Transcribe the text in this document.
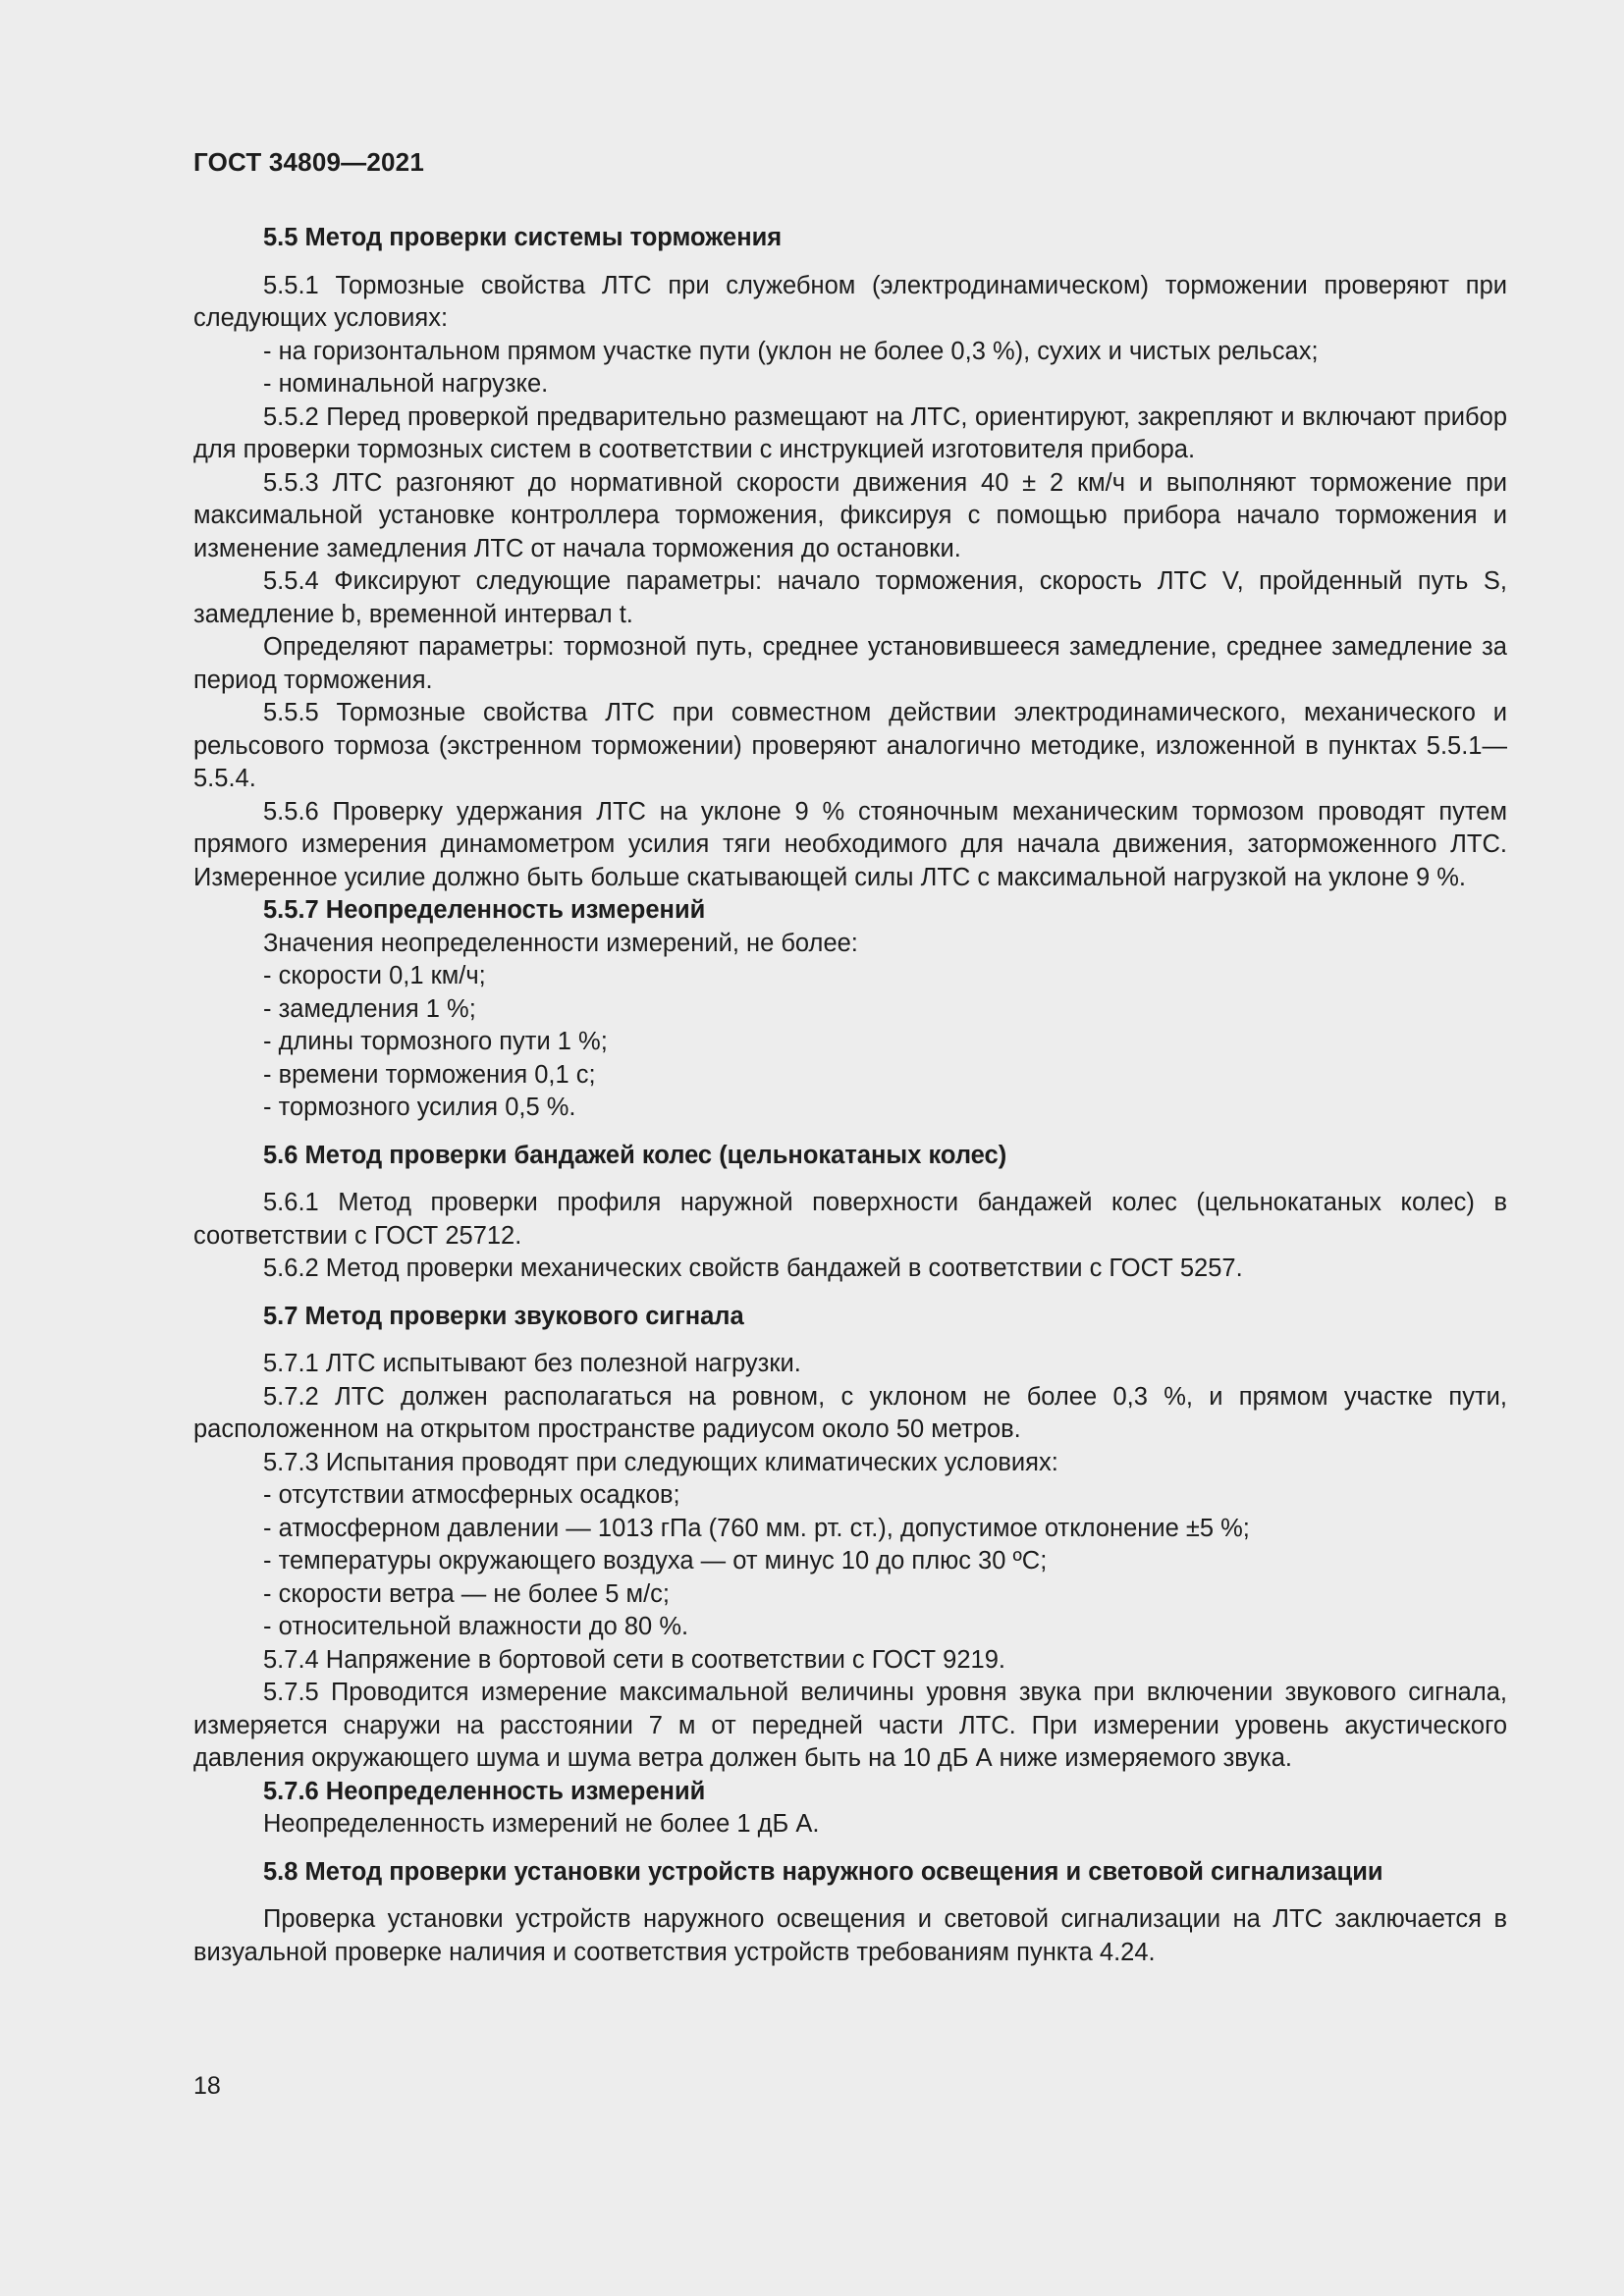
ГОСТ 34809—2021

5.5 Метод проверки системы торможения

5.5.1 Тормозные свойства ЛТС при служебном (электродинамическом) торможении проверяют при следующих условиях:

- на горизонтальном прямом участке пути (уклон не более 0,3 %), сухих и чистых рельсах;

- номинальной нагрузке.

5.5.2 Перед проверкой предварительно размещают на ЛТС, ориентируют, закрепляют и включают прибор для проверки тормозных систем в соответствии с инструкцией изготовителя прибора.

5.5.3 ЛТС разгоняют до нормативной скорости движения 40 ± 2 км/ч и выполняют торможение при максимальной установке контроллера торможения, фиксируя с помощью прибора начало торможения и изменение замедления ЛТС от начала торможения до остановки.

5.5.4 Фиксируют следующие параметры: начало торможения, скорость ЛТС V, пройденный путь S, замедление b, временной интервал t.

Определяют параметры: тормозной путь, среднее установившееся замедление, среднее замедление за период торможения.

5.5.5 Тормозные свойства ЛТС при совместном действии электродинамического, механического и рельсового тормоза (экстренном торможении) проверяют аналогично методике, изложенной в пунктах 5.5.1—5.5.4.

5.5.6 Проверку удержания ЛТС на уклоне 9 % стояночным механическим тормозом проводят путем прямого измерения динамометром усилия тяги необходимого для начала движения, заторможенного ЛТС. Измеренное усилие должно быть больше скатывающей силы ЛТС с максимальной нагрузкой на уклоне 9 %.

5.5.7 Неопределенность измерений

Значения неопределенности измерений, не более:

- скорости 0,1 км/ч;

- замедления 1 %;

- длины тормозного пути 1 %;

- времени торможения 0,1 с;

- тормозного усилия 0,5 %.

5.6 Метод проверки бандажей колес (цельнокатаных колес)

5.6.1 Метод проверки профиля наружной поверхности бандажей колес (цельнокатаных колес) в соответствии с ГОСТ 25712.

5.6.2 Метод проверки механических свойств бандажей в соответствии с ГОСТ 5257.

5.7 Метод проверки звукового сигнала

5.7.1 ЛТС испытывают без полезной нагрузки.

5.7.2 ЛТС должен располагаться на ровном, с уклоном не более 0,3 %, и прямом участке пути, расположенном на открытом пространстве радиусом около 50 метров.

5.7.3 Испытания проводят при следующих климатических условиях:

- отсутствии атмосферных осадков;

- атмосферном давлении — 1013 гПа (760 мм. рт. ст.), допустимое отклонение ±5 %;

- температуры окружающего воздуха — от минус 10 до плюс 30 ºС;

- скорости ветра — не более 5 м/с;

- относительной влажности до 80 %.

5.7.4 Напряжение в бортовой сети в соответствии с ГОСТ 9219.

5.7.5 Проводится измерение максимальной величины уровня звука при включении звукового сигнала, измеряется снаружи на расстоянии 7 м от передней части ЛТС. При измерении уровень акустического давления окружающего шума и шума ветра должен быть на 10 дБ А ниже измеряемого звука.

5.7.6 Неопределенность измерений

Неопределенность измерений не более 1 дБ А.

5.8 Метод проверки установки устройств наружного освещения и световой сигнализации

Проверка установки устройств наружного освещения и световой сигнализации на ЛТС заключается в визуальной проверке наличия и соответствия устройств требованиям пункта 4.24.

18
